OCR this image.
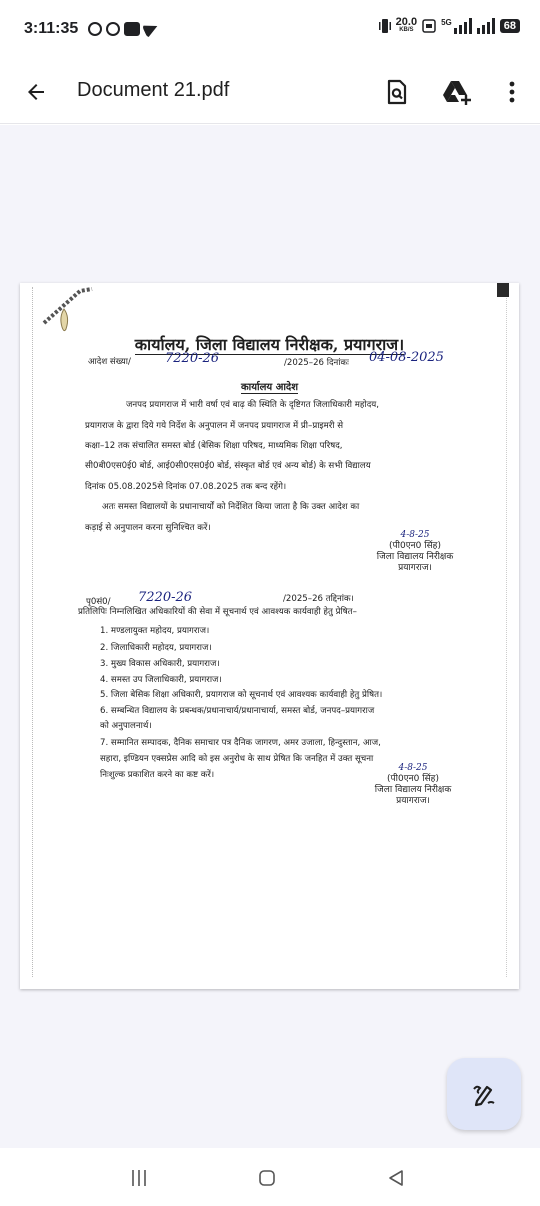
3:11:35	20.0
KB/S
5G	68
Document 21.pdf
कार्यालय, जिला विद्यालय निरीक्षक, प्रयागराज।
आदेश संख्या/	7220-26	/2025–26 दिनांकः 04-08-2025
कार्यालय आदेश
जनपद प्रयागराज में भारी वर्षा एवं बाढ़ की स्थिति के दृष्टिगत जिलाधिकारी महोदय,
प्रयागराज के द्वारा दिये गये निर्देश के अनुपालन में जनपद प्रयागराज में प्री–प्राइमरी से
कक्षा–12 तक संचालित समस्त बोर्ड (बेसिक शिक्षा परिषद, माध्यमिक शिक्षा परिषद,
सी0बी0एस0ई0 बोर्ड, आई0सी0एस0ई0 बोर्ड, संस्कृत बोर्ड एवं अन्य बोर्ड) के सभी विद्यालय
दिनांक 05.08.2025से दिनांक 07.08.2025 तक बन्द रहेंगे।
अतः समस्त विद्यालयों के प्रधानाचार्यों को निर्देशित किया जाता है कि उक्त आदेश का
कड़ाई से अनुपालन करना सुनिश्चित करें।
4-8-25
(पी0एन0 सिंह)
जिला विद्यालय निरीक्षक
प्रयागराज।
पृ0सं0/ 7220-26	/2025–26 तद्दिनांक।
प्रतिलिपिः निम्नलिखित अधिकारियों की सेवा में सूचनार्थ एवं आवश्यक कार्यवाही हेतु प्रेषित–
1. मण्डलायुक्त महोदय, प्रयागराज।
2. जिलाधिकारी महोदय, प्रयागराज।
3. मुख्य विकास अधिकारी, प्रयागराज।
4. समस्त उप जिलाधिकारी, प्रयागराज।
5. जिला बेसिक शिक्षा अधिकारी, प्रयागराज को सूचनार्थ एवं आवश्यक कार्यवाही हेतु प्रेषित।
6. सम्बन्धित विद्यालय के प्रबन्धक/प्रधानाचार्य/प्रधानाचार्या, समस्त बोर्ड, जनपद–प्रयागराज
को अनुपालनार्थ।
7. सम्मानित सम्पादक, दैनिक समाचार पत्र दैनिक जागरण, अमर उजाला, हिन्दुस्तान, आज,
सहारा, इण्डियन एक्सप्रेस आदि को इस अनुरोध के साथ प्रेषित कि जनहित में उक्त सूचना
निःशुल्क प्रकाशित करने का कष्ट करें।
4-8-25
(पी0एन0 सिंह)
जिला विद्यालय निरीक्षक
प्रयागराज।
